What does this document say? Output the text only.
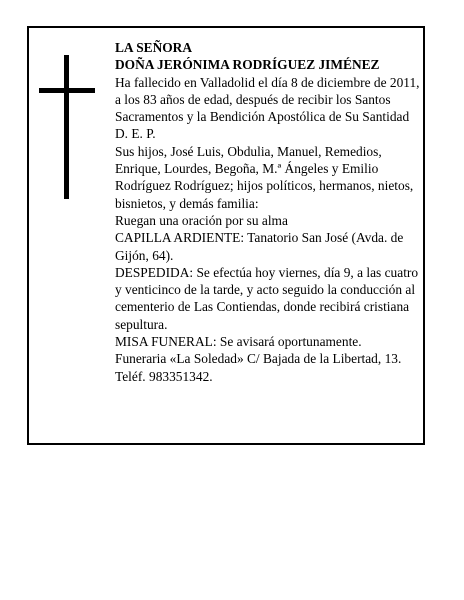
LA SEÑORA

DOÑA JERÓNIMA RODRÍGUEZ JIMÉNEZ

Ha fallecido en Valladolid el día 8 de diciembre de 2011, a los 83 años de edad, después de recibir los Santos Sacramentos y la Bendición Apostólica de Su Santidad

D. E. P.

Sus hijos, José Luis, Obdulia, Manuel, Remedios, Enrique, Lourdes, Begoña, M.ª Ángeles y Emilio Rodríguez Rodríguez; hijos políticos, hermanos, nietos, bisnietos, y demás familia:

Ruegan una oración por su alma

CAPILLA ARDIENTE: Tanatorio San José (Avda. de Gijón, 64).

DESPEDIDA: Se efectúa hoy viernes, día 9, a las cuatro y venticinco de la tarde, y acto seguido la conducción al cementerio de Las Contiendas, donde recibirá cristiana sepultura.

MISA FUNERAL: Se avisará oportunamente.

Funeraria «La Soledad» C/ Bajada de la Libertad, 13. Teléf. 983351342.
